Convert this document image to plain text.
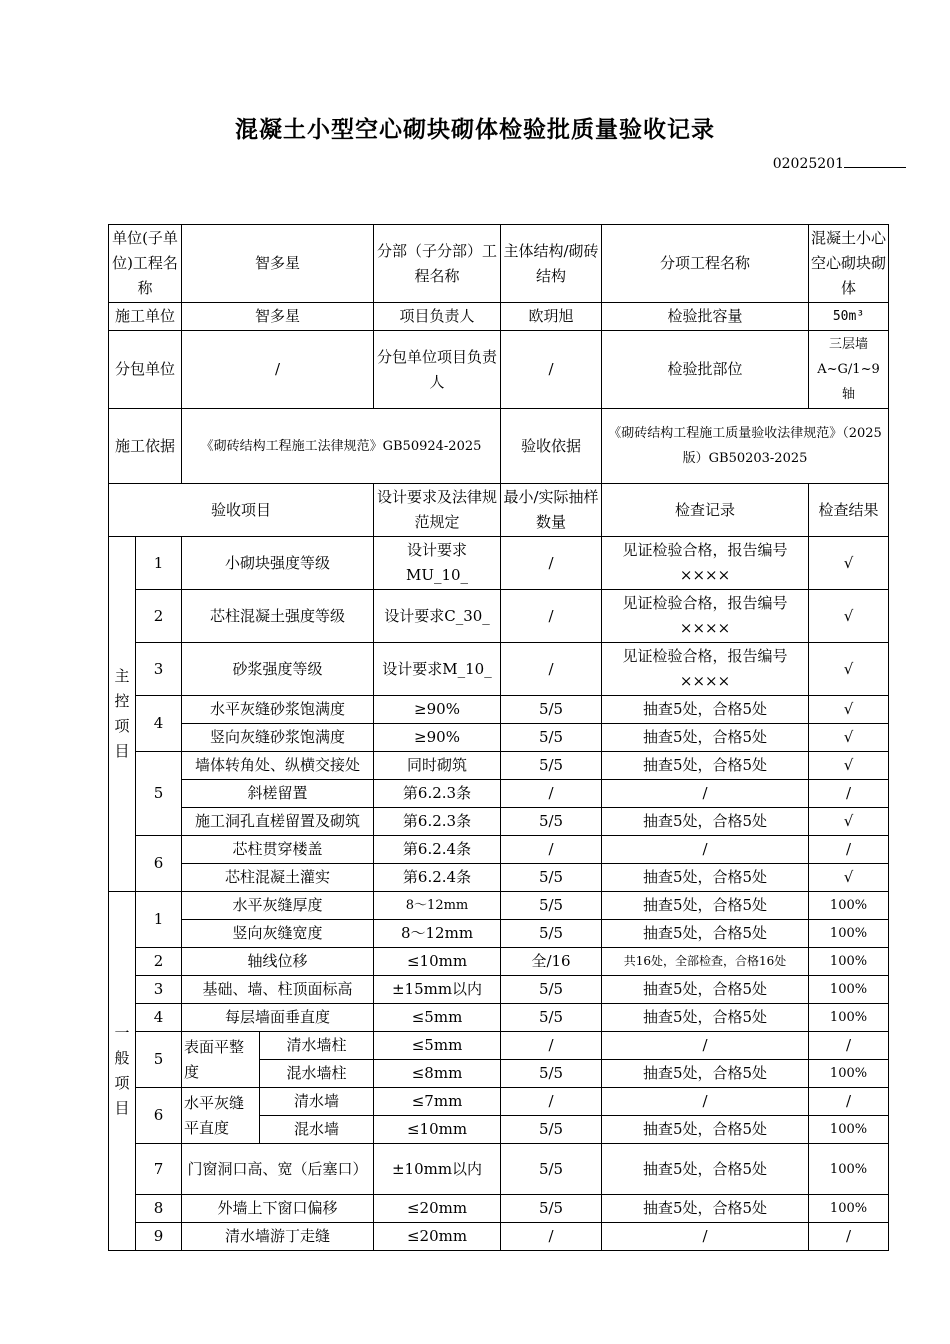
混凝土小型空心砌块砌体检验批质量验收记录
02025201
单位(子单位)工程名称		智多星		分部（子分部）工程名称	主体结构/砌砖结构	分项工程名称	混凝土小心空心砌块砌体
施工单位		智多星		项目负责人	欧玥旭	检验批容量	50m³
分包单位		/		分包单位项目负责人	/	检验批部位	三层墙A~G/1~9轴
施工依据		《砌砖结构工程施工法律规范》GB50924-2025			验收依据	《砌砖结构工程施工质量验收法律规范》（2025版）GB50203-2025	
验收项目				设计要求及法律规范规定	最小/实际抽样数量	检查记录	检查结果
主控项目	1	小砌块强度等级		设计要求MU_10_	/	见证检验合格，报告编号××××	√
	2	芯柱混凝土强度等级		设计要求C_30_	/	见证检验合格，报告编号××××	√
	3	砂浆强度等级		设计要求M_10_	/	见证检验合格，报告编号××××	√
	4	水平灰缝砂浆饱满度		≥90%	5/5	抽查5处，合格5处	√
		竖向灰缝砂浆饱满度		≥90%	5/5	抽查5处，合格5处	√
	5	墙体转角处、纵横交接处		同时砌筑	5/5	抽查5处，合格5处	√
		斜槎留置		第6.2.3条	/	/	/
		施工洞孔直槎留置及砌筑		第6.2.3条	5/5	抽查5处，合格5处	√
	6	芯柱贯穿楼盖		第6.2.4条	/	/	/
		芯柱混凝土灌实		第6.2.4条	5/5	抽查5处，合格5处	√
一般项目	1	水平灰缝厚度		8～12mm	5/5	抽查5处，合格5处	100%
		竖向灰缝宽度		8～12mm	5/5	抽查5处，合格5处	100%
	2	轴线位移		≤10mm	全/16	共16处，全部检查，合格16处	100%
	3	基础、墙、柱顶面标高		±15mm以内	5/5	抽查5处，合格5处	100%
	4	每层墙面垂直度		≤5mm	5/5	抽查5处，合格5处	100%
	5	表面平整度	清水墙柱	≤5mm	/	/	/
			混水墙柱	≤8mm	5/5	抽查5处，合格5处	100%
	6	水平灰缝平直度	清水墙	≤7mm	/	/	/
			混水墙	≤10mm	5/5	抽查5处，合格5处	100%
	7	门窗洞口高、宽（后塞口）		±10mm以内	5/5	抽查5处，合格5处	100%
	8	外墙上下窗口偏移		≤20mm	5/5	抽查5处，合格5处	100%
	9	清水墙游丁走缝		≤20mm	/	/	/
